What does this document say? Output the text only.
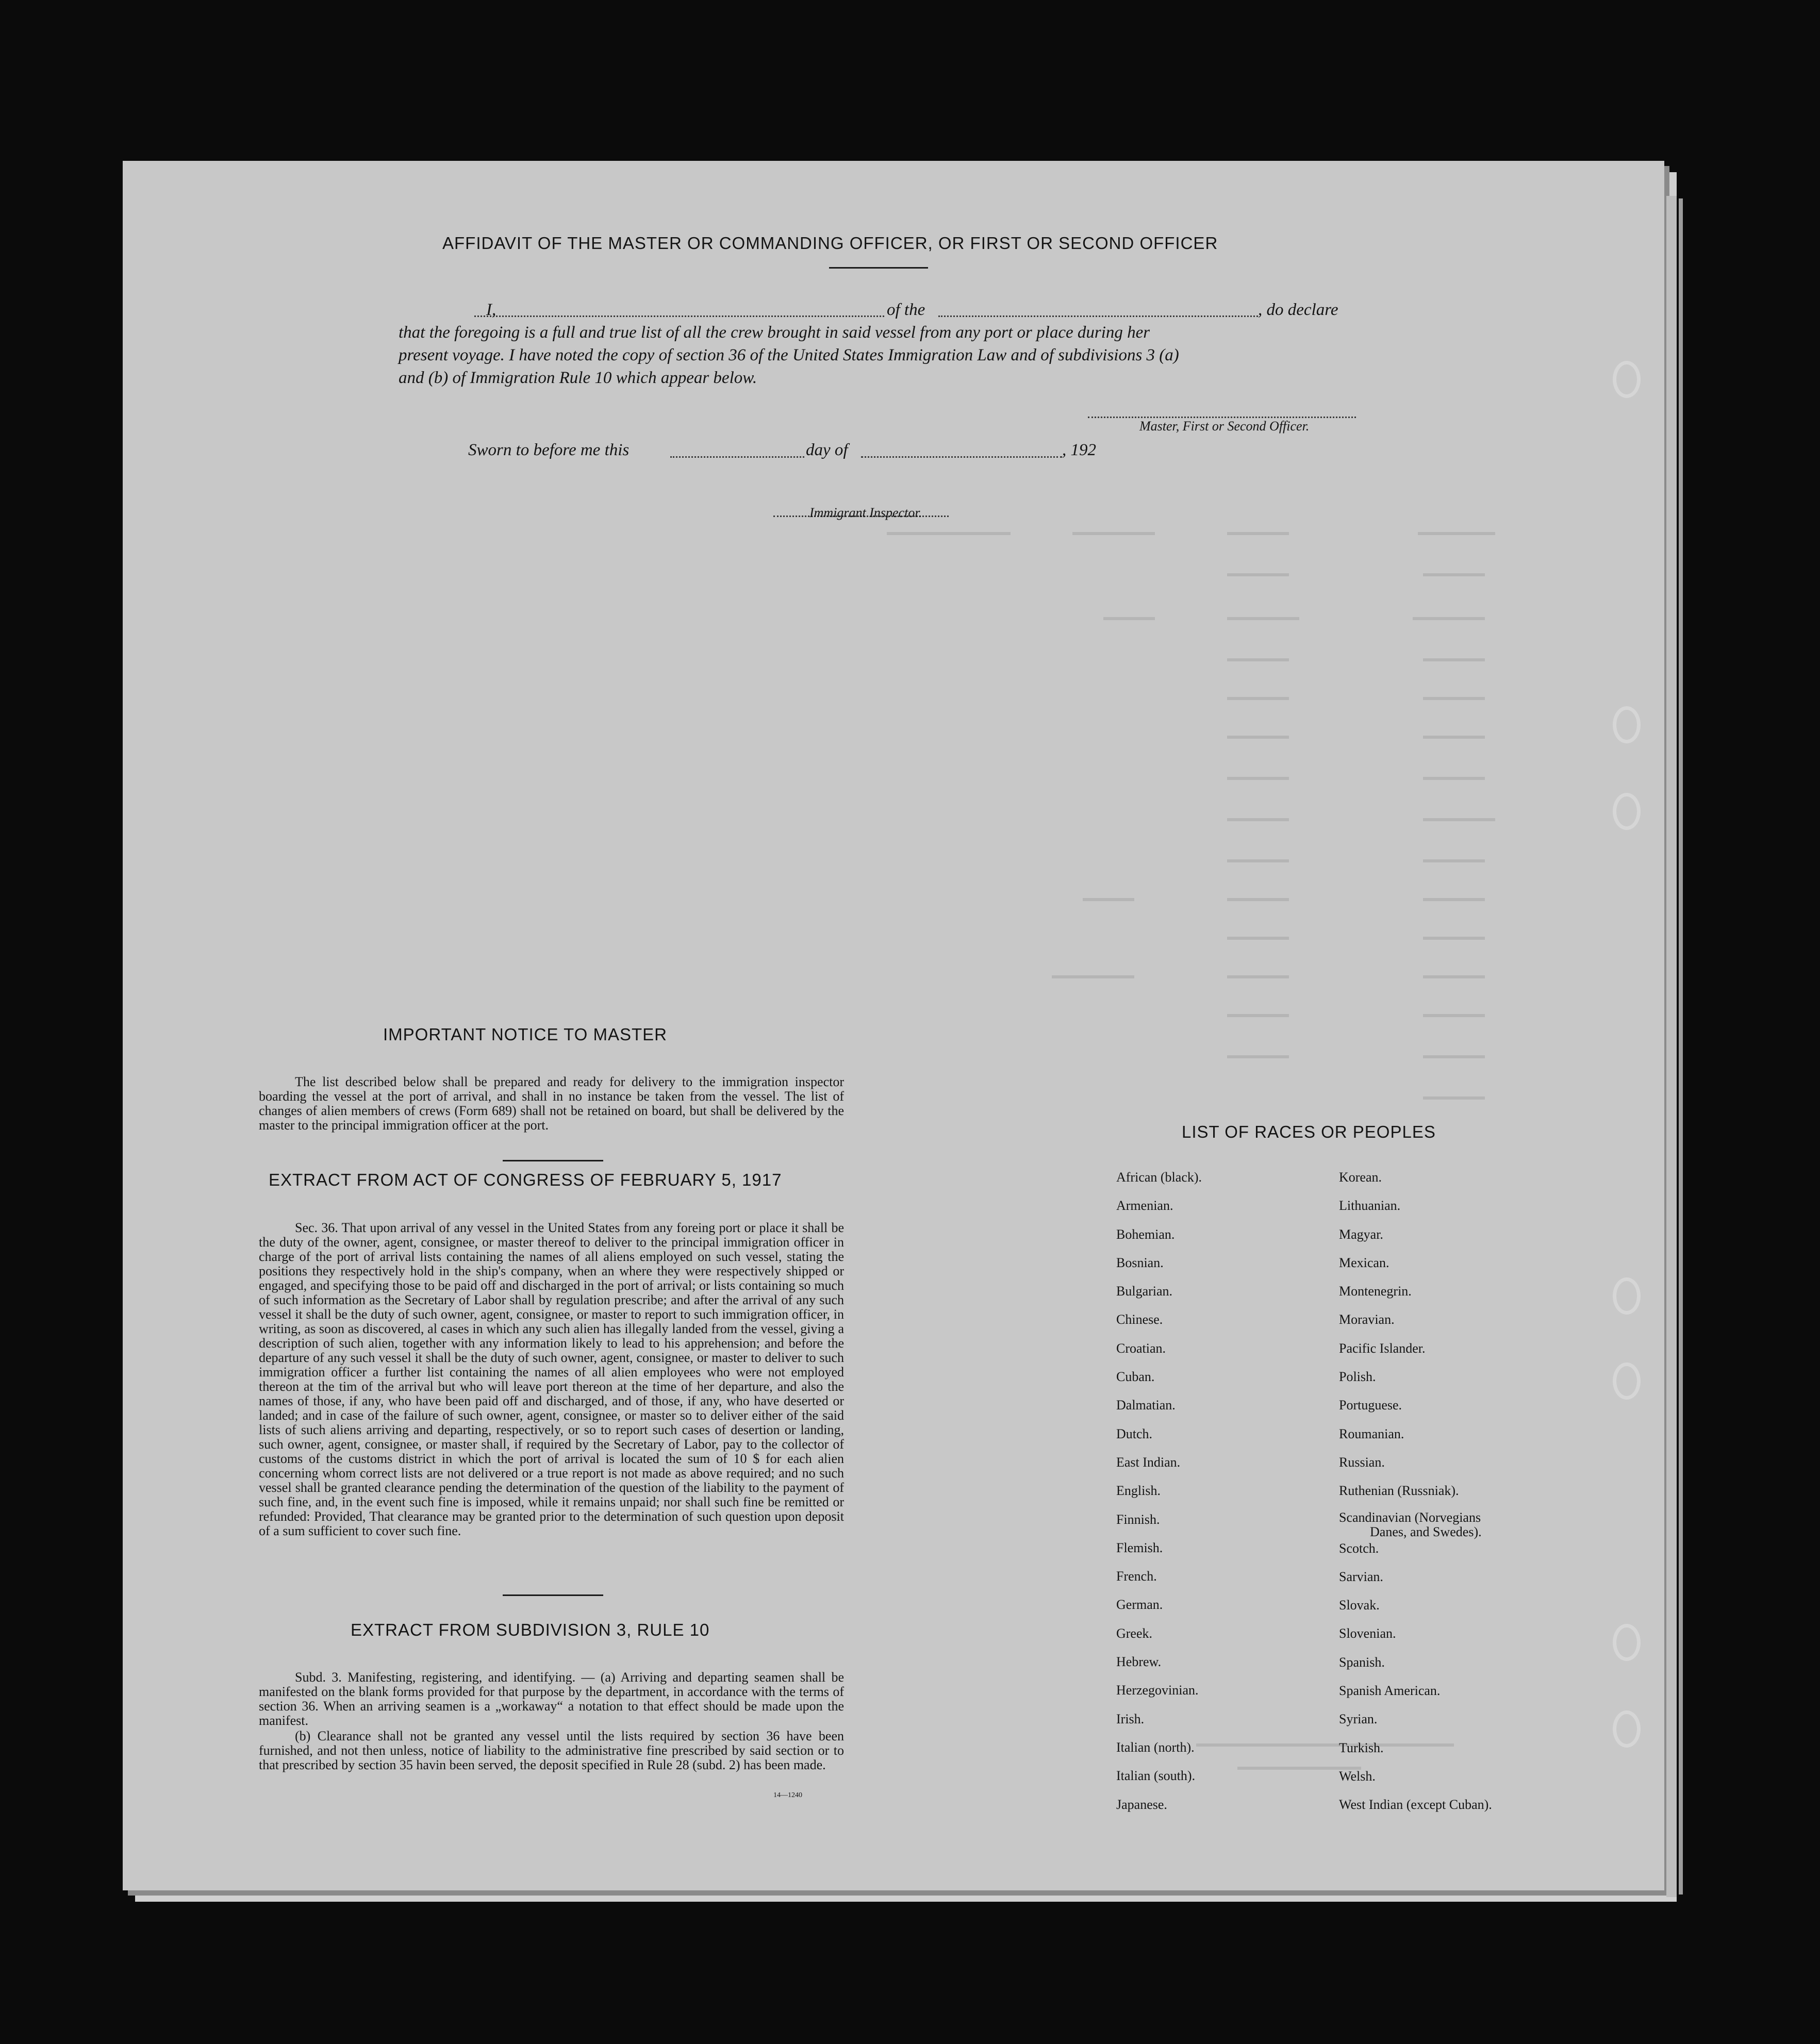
AFFIDAVIT OF THE MASTER OR COMMANDING OFFICER, OR FIRST OR SECOND OFFICER
I,	of the	, do declare
that the foregoing is a full and true list of all the crew brought in said vessel from any port or place during her
present voyage. I have noted the copy of section 36 of the United States Immigration Law and of subdivisions 3 (a)
and (b) of Immigration Rule 10 which appear below.
Master, First or Second Officer.
Sworn to before me this	day of	, 192
Immigrant Inspector.
IMPORTANT NOTICE TO MASTER
The list described below shall be prepared and ready for delivery to the immigration inspector boarding the vessel at the port of arrival, and shall in no instance be taken from the vessel. The list of changes of alien members of crews (Form 689) shall not be retained on board, but shall be delivered by the master to the principal immigration officer at the port.
EXTRACT FROM ACT OF CONGRESS OF FEBRUARY 5, 1917
Sec. 36. That upon arrival of any vessel in the United States from any foreing port or place it shall be the duty of the owner, agent, consignee, or master thereof to deliver to the principal immigration officer in charge of the port of arrival lists containing the names of all aliens employed on such vessel, stating the positions they respectively hold in the ship's company, when an where they were respectively shipped or engaged, and specifying those to be paid off and discharged in the port of arrival; or lists containing so much of such information as the Secretary of Labor shall by regulation prescribe; and after the arrival of any such vessel it shall be the duty of such owner, agent, consignee, or master to report to such immigration officer, in writing, as soon as discovered, al cases in which any such alien has illegally landed from the vessel, giving a description of such alien, together with any information likely to lead to his apprehension; and before the departure of any such vessel it shall be the duty of such owner, agent, consignee, or master to deliver to such immigration officer a further list containing the names of all alien employees who were not employed thereon at the tim of the arrival but who will leave port thereon at the time of her departure, and also the names of those, if any, who have been paid off and discharged, and of those, if any, who have deserted or landed; and in case of the failure of such owner, agent, consignee, or master so to deliver either of the said lists of such aliens arriving and departing, respectively, or so to report such cases of desertion or landing, such owner, agent, consignee, or master shall, if required by the Secretary of Labor, pay to the collector of customs of the customs district in which the port of arrival is located the sum of 10 $ for each alien concerning whom correct lists are not delivered or a true report is not made as above required; and no such vessel shall be granted clearance pending the determination of the question of the liability to the payment of such fine, and, in the event such fine is imposed, while it remains unpaid; nor shall such fine be remitted or refunded: Provided, That clearance may be granted prior to the determination of such question upon deposit of a sum sufficient to cover such fine.
EXTRACT FROM SUBDIVISION 3, RULE 10
Subd. 3. Manifesting, registering, and identifying. — (a) Arriving and departing seamen shall be manifested on the blank forms provided for that purpose by the department, in accordance with the terms of section 36. When an arriving seamen is a „workaway“ a notation to that effect should be made upon the manifest.
(b) Clearance shall not be granted any vessel until the lists required by section 36 have been furnished, and not then unless, notice of liability to the administrative fine prescribed by said section or to that prescribed by section 35 havin been served, the deposit specified in Rule 28 (subd. 2) has been made.
14—1240
LIST OF RACES OR PEOPLES
African (black).
Armenian.
Bohemian.
Bosnian.
Bulgarian.
Chinese.
Croatian.
Cuban.
Dalmatian.
Dutch.
East Indian.
English.
Finnish.
Flemish.
French.
German.
Greek.
Hebrew.
Herzegovinian.
Irish.
Italian (north).
Italian (south).
Japanese.
Korean.
Lithuanian.
Magyar.
Mexican.
Montenegrin.
Moravian.
Pacific Islander.
Polish.
Portuguese.
Roumanian.
Russian.
Ruthenian (Russniak).
Scandinavian (Norvegians
Danes, and Swedes).
Scotch.
Sarvian.
Slovak.
Slovenian.
Spanish.
Spanish American.
Syrian.
Turkish.
Welsh.
West Indian (except Cuban).
